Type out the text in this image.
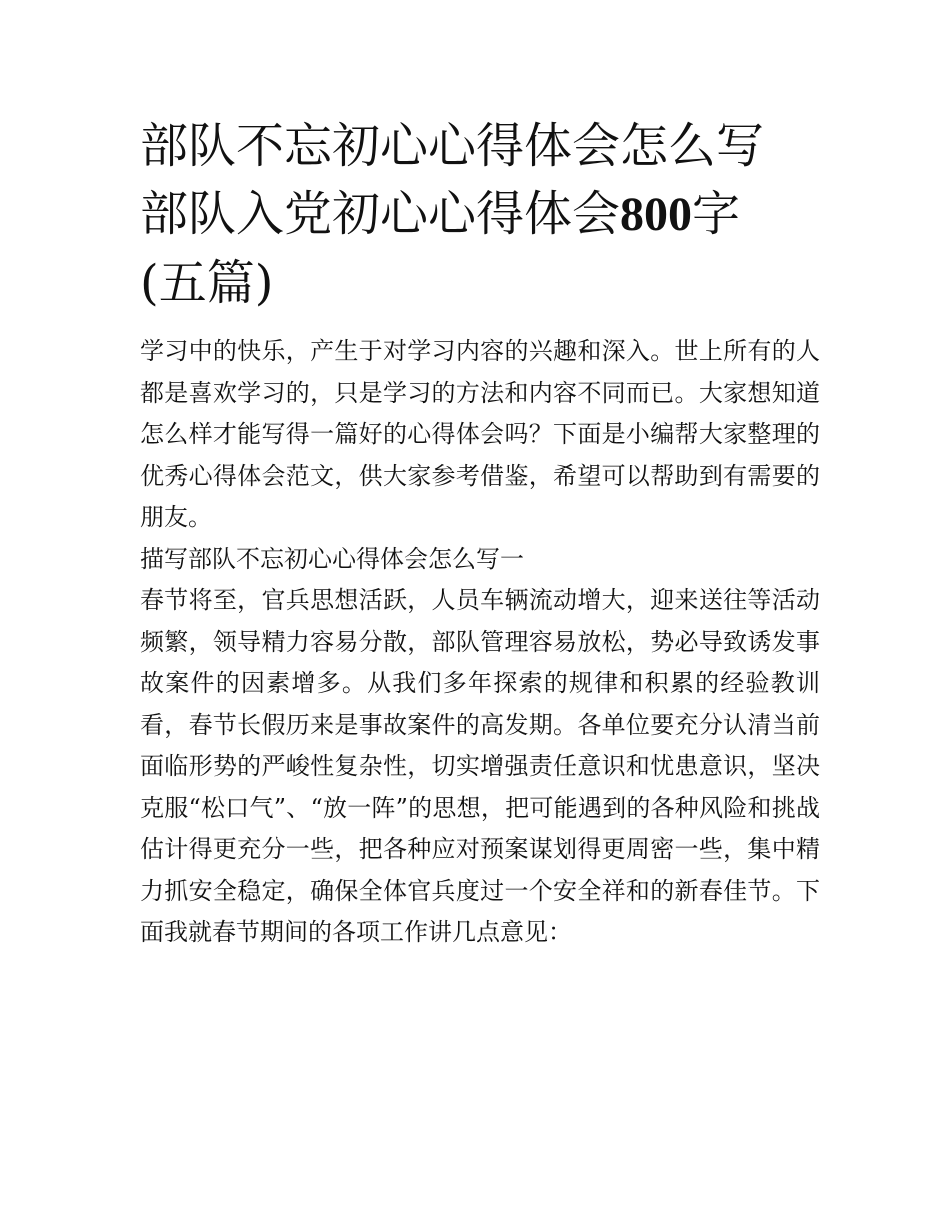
部队不忘初心心得体会怎么写
部队入党初心心得体会800字
(五篇)

学习中的快乐，产生于对学习内容的兴趣和深入。世上所有的人都是喜欢学习的，只是学习的方法和内容不同而已。大家想知道怎么样才能写得一篇好的心得体会吗？下面是小编帮大家整理的优秀心得体会范文，供大家参考借鉴，希望可以帮助到有需要的朋友。

描写部队不忘初心心得体会怎么写一

春节将至，官兵思想活跃，人员车辆流动增大，迎来送往等活动频繁，领导精力容易分散，部队管理容易放松，势必导致诱发事故案件的因素增多。从我们多年探索的规律和积累的经验教训看，春节长假历来是事故案件的高发期。各单位要充分认清当前面临形势的严峻性复杂性，切实增强责任意识和忧患意识，坚决克服“松口气”、“放一阵”的思想，把可能遇到的各种风险和挑战估计得更充分一些，把各种应对预案谋划得更周密一些，集中精力抓安全稳定，确保全体官兵度过一个安全祥和的新春佳节。下面我就春节期间的各项工作讲几点意见：
